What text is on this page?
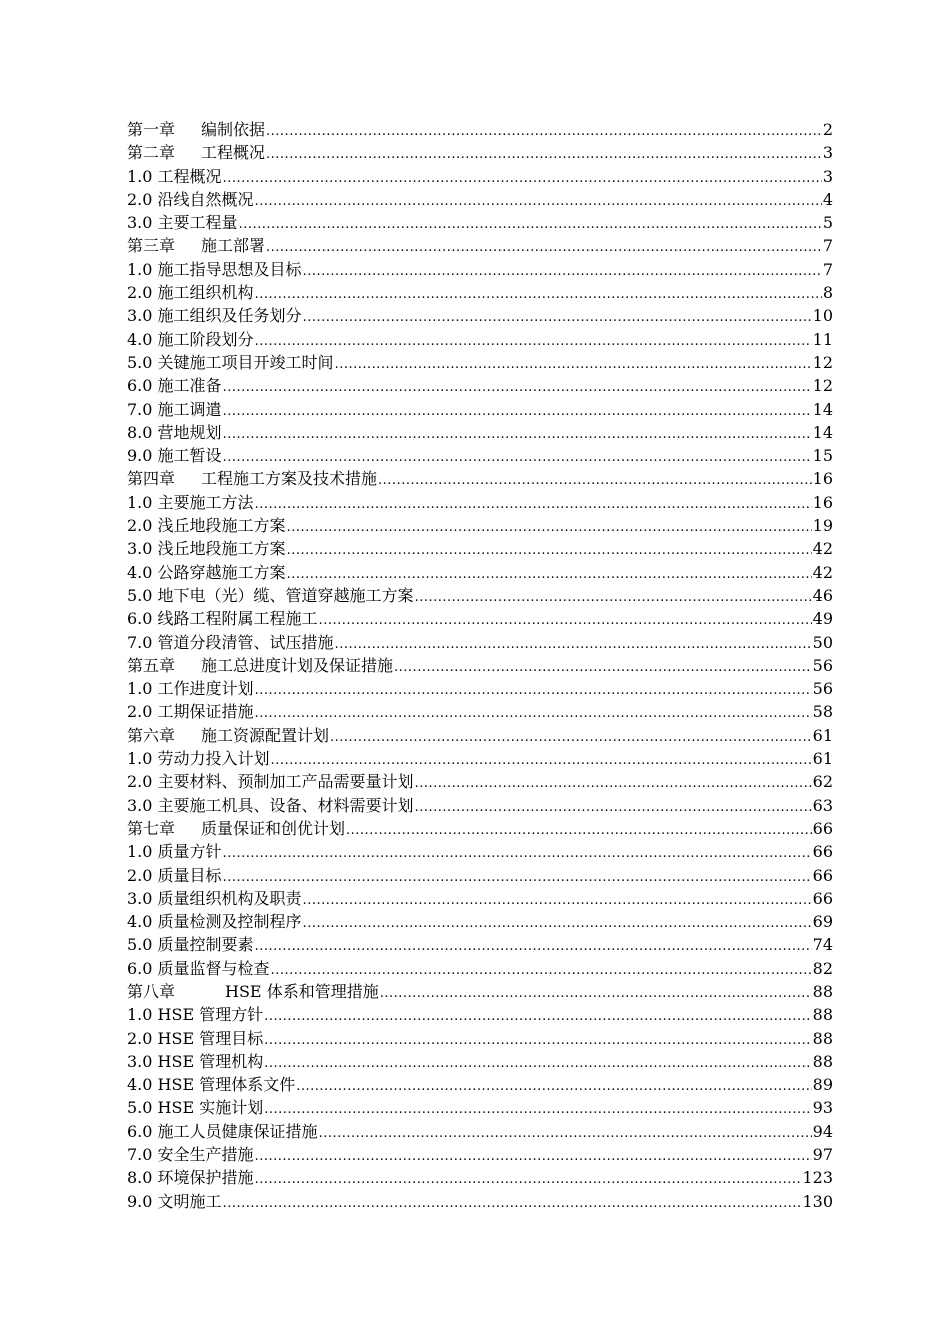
第一章 编制依据 .....	2
第二章 工程概况 .....	3
1.0 工程概况 .....	3
2.0 沿线自然概况 .....	4
3.0 主要工程量 .....	5
第三章 施工部署 .....	7
1.0 施工指导思想及目标 .....	7
2.0 施工组织机构 .....	8
3.0 施工组织及任务划分 .....	10
4.0 施工阶段划分 .....	11
5.0 关键施工项目开竣工时间 .....	12
6.0 施工准备 .....	12
7.0 施工调遣 .....	14
8.0 营地规划 .....	14
9.0 施工暂设 .....	15
第四章 工程施工方案及技术措施 .....	16
1.0 主要施工方法 .....	16
2.0 浅丘地段施工方案 .....	19
3.0 浅丘地段施工方案 .....	42
4.0 公路穿越施工方案 .....	42
5.0 地下电（光）缆、管道穿越施工方案 .....	46
6.0 线路工程附属工程施工 .....	49
7.0 管道分段清管、试压措施 .....	50
第五章 施工总进度计划及保证措施 .....	56
1.0 工作进度计划 .....	56
2.0 工期保证措施 .....	58
第六章 施工资源配置计划 .....	61
1.0 劳动力投入计划 .....	61
2.0 主要材料、预制加工产品需要量计划 .....	62
3.0 主要施工机具、设备、材料需要计划 .....	63
第七章 质量保证和创优计划 .....	66
1.0 质量方针 .....	66
2.0 质量目标 .....	66
3.0 质量组织机构及职责 .....	66
4.0 质量检测及控制程序 .....	69
5.0 质量控制要素 .....	74
6.0 质量监督与检查 .....	82
第八章	HSE 体系和管理措施 .....	88
1.0 HSE 管理方针 .....	88
2.0 HSE 管理目标 .....	88
3.0 HSE 管理机构 .....	88
4.0 HSE 管理体系文件 .....	89
5.0 HSE 实施计划 .....	93
6.0 施工人员健康保证措施 .....	94
7.0 安全生产措施 .....	97
8.0 环境保护措施 .....	123
9.0 文明施工 .....	130
